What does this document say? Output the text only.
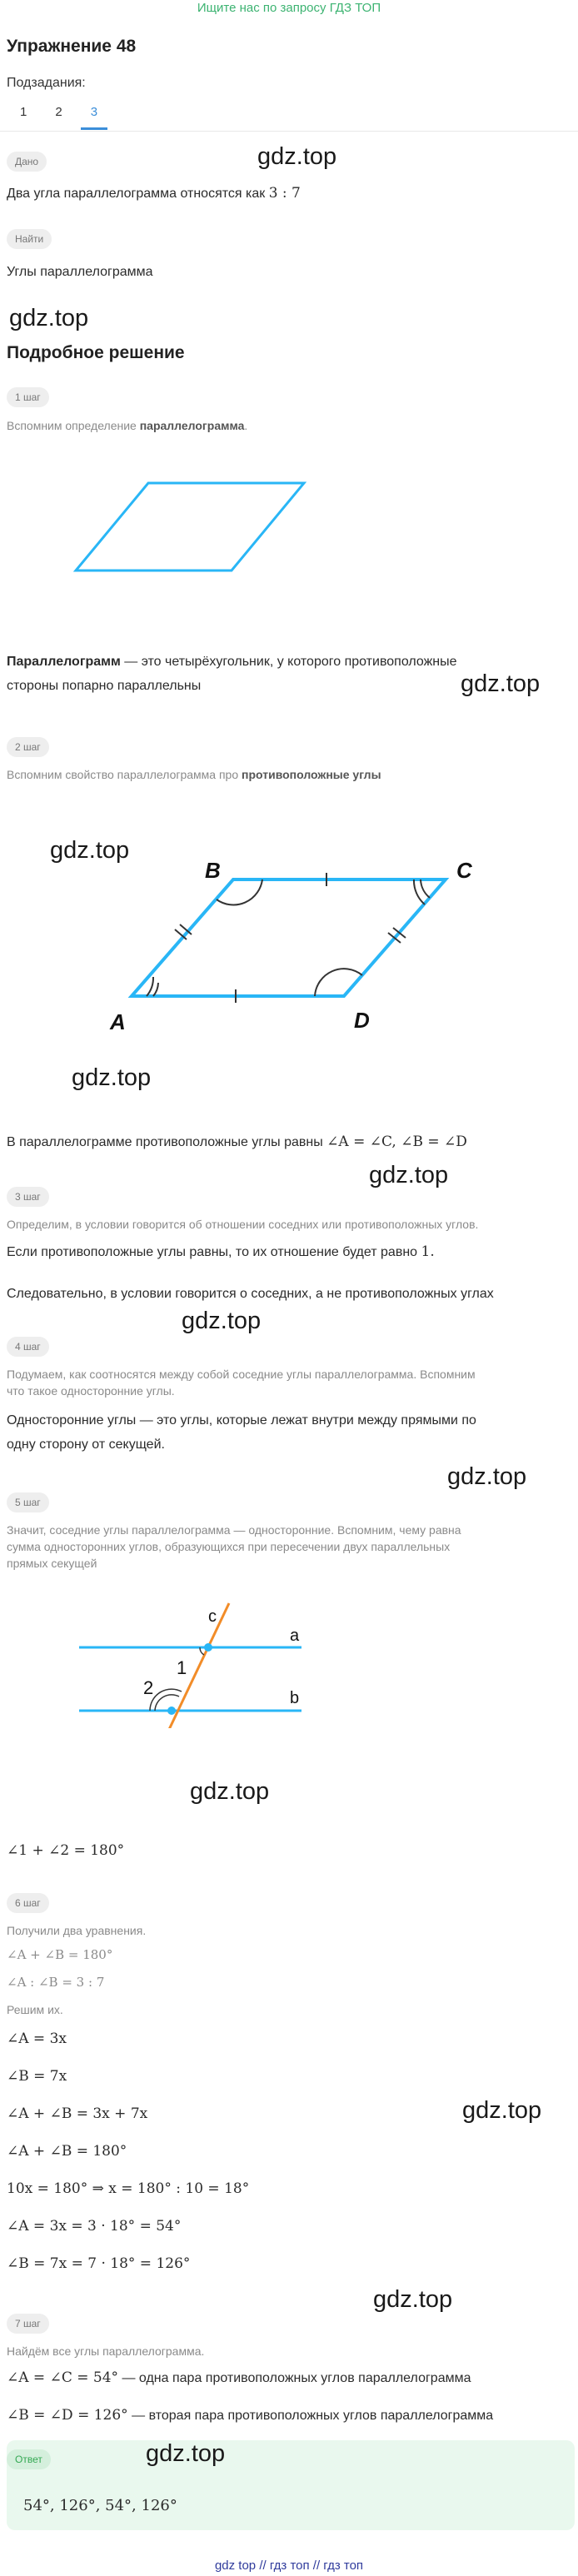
Ищите нас по запросу ГДЗ ТОП
Упражнение 48
Подзадания:
1	2	3
Дано	gdz.top
Два угла параллелограмма относятся как 3 : 7
Найти
Углы параллелограмма
gdz.top
Подробное решение
1 шаг
Вспомним определение параллелограмма.
Параллелограмм — это четырёхугольник, у которого противоположные
стороны попарно параллельны	gdz.top
2 шаг
Вспомним свойство параллелограмма про противоположные углы
gdz.top
A
B	C
D
gdz.top
В параллелограмме противоположные углы равны ∠A = ∠C, ∠B = ∠D
gdz.top
3 шаг
Определим, в условии говорится об отношении соседних или противоположных углов.
Если противоположные углы равны, то их отношение будет равно 1.
Следовательно, в условии говорится о соседних, а не противоположных углах
gdz.top
4 шаг
Подумаем, как соотносятся между собой соседние углы параллелограмма. Вспомним
что такое односторонние углы.
Односторонние углы — это углы, которые лежат внутри между прямыми по
одну сторону от секущей.
gdz.top
5 шаг
Значит, соседние углы параллелограмма — односторонние. Вспомним, чему равна
сумма односторонних углов, образующихся при пересечении двух параллельных
прямых секущей
c
a
b
1
2
gdz.top
∠1 + ∠2 = 180°
6 шаг
Получили два уравнения.
∠A + ∠B = 180°
∠A : ∠B = 3 : 7
Решим их.
∠A = 3x
∠B = 7x
∠A + ∠B = 3x + 7x	gdz.top
∠A + ∠B = 180°
10x = 180° ⇒ x = 180° : 10 = 18°
∠A = 3x = 3 · 18° = 54°
∠B = 7x = 7 · 18° = 126°
gdz.top
7 шаг
Найдём все углы параллелограмма.
∠A = ∠C = 54° — одна пара противоположных углов параллелограмма
∠B = ∠D = 126° — вторая пара противоположных углов параллелограмма
Ответ	gdz.top
54°, 126°, 54°, 126°
gdz top // гдз топ // гдз топ
